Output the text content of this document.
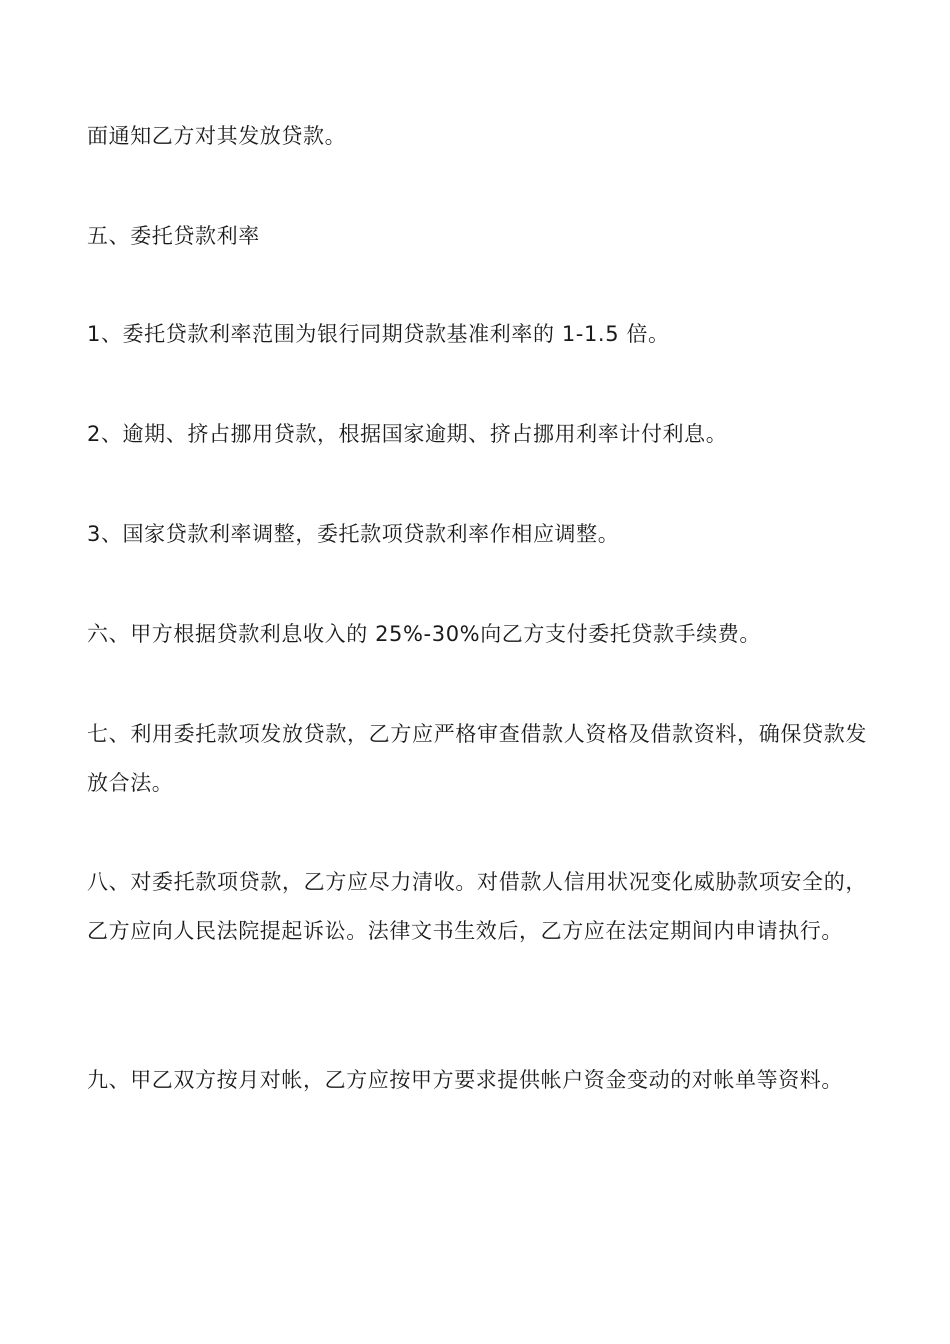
面通知乙方对其发放贷款。

五、委托贷款利率

1、委托贷款利率范围为银行同期贷款基准利率的 1-1.5 倍。

2、逾期、挤占挪用贷款，根据国家逾期、挤占挪用利率计付利息。

3、国家贷款利率调整，委托款项贷款利率作相应调整。

六、甲方根据贷款利息收入的 25%-30%向乙方支付委托贷款手续费。

七、利用委托款项发放贷款，乙方应严格审查借款人资格及借款资料，确保贷款发放合法。

八、对委托款项贷款，乙方应尽力清收。对借款人信用状况变化威胁款项安全的，乙方应向人民法院提起诉讼。法律文书生效后，乙方应在法定期间内申请执行。

九、甲乙双方按月对帐，乙方应按甲方要求提供帐户资金变动的对帐单等资料。
